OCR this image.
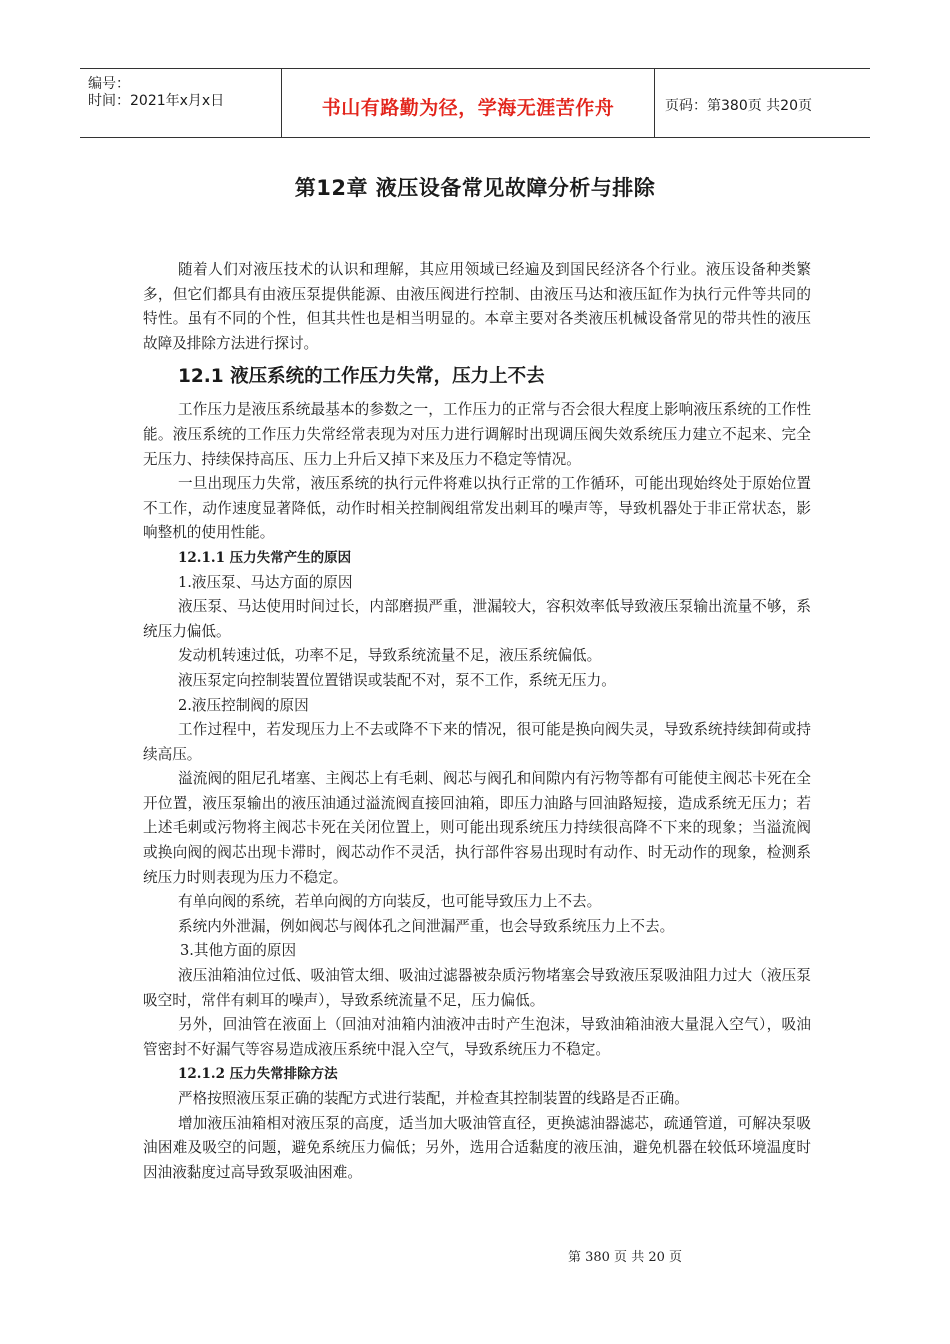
编号：
时间：2021年x月x日	书山有路勤为径，学海无涯苦作舟	页码：第380页 共20页
第12章 液压设备常见故障分析与排除

随着人们对液压技术的认识和理解，其应用领域已经遍及到国民经济各个行业。液压设备种类繁多，但它们都具有由液压泵提供能源、由液压阀进行控制、由液压马达和液压缸作为执行元件等共同的特性。虽有不同的个性，但其共性也是相当明显的。本章主要对各类液压机械设备常见的带共性的液压故障及排除方法进行探讨。

12.1 液压系统的工作压力失常，压力上不去

工作压力是液压系统最基本的参数之一，工作压力的正常与否会很大程度上影响液压系统的工作性能。液压系统的工作压力失常经常表现为对压力进行调解时出现调压阀失效系统压力建立不起来、完全无压力、持续保持高压、压力上升后又掉下来及压力不稳定等情况。

一旦出现压力失常，液压系统的执行元件将难以执行正常的工作循环，可能出现始终处于原始位置不工作，动作速度显著降低，动作时相关控制阀组常发出刺耳的噪声等，导致机器处于非正常状态，影响整机的使用性能。

12.1.1 压力失常产生的原因

1.液压泵、马达方面的原因

液压泵、马达使用时间过长，内部磨损严重，泄漏较大，容积效率低导致液压泵输出流量不够，系统压力偏低。

发动机转速过低，功率不足，导致系统流量不足，液压系统偏低。

液压泵定向控制装置位置错误或装配不对，泵不工作，系统无压力。

2.液压控制阀的原因

工作过程中，若发现压力上不去或降不下来的情况，很可能是换向阀失灵，导致系统持续卸荷或持续高压。

溢流阀的阻尼孔堵塞、主阀芯上有毛刺、阀芯与阀孔和间隙内有污物等都有可能使主阀芯卡死在全开位置，液压泵输出的液压油通过溢流阀直接回油箱，即压力油路与回油路短接，造成系统无压力；若上述毛刺或污物将主阀芯卡死在关闭位置上，则可能出现系统压力持续很高降不下来的现象；当溢流阀或换向阀的阀芯出现卡滞时，阀芯动作不灵活，执行部件容易出现时有动作、时无动作的现象，检测系统压力时则表现为压力不稳定。

有单向阀的系统，若单向阀的方向装反，也可能导致压力上不去。

系统内外泄漏，例如阀芯与阀体孔之间泄漏严重，也会导致系统压力上不去。

3.其他方面的原因

液压油箱油位过低、吸油管太细、吸油过滤器被杂质污物堵塞会导致液压泵吸油阻力过大（液压泵吸空时，常伴有刺耳的噪声），导致系统流量不足，压力偏低。

另外，回油管在液面上（回油对油箱内油液冲击时产生泡沫，导致油箱油液大量混入空气），吸油管密封不好漏气等容易造成液压系统中混入空气，导致系统压力不稳定。

12.1.2 压力失常排除方法

严格按照液压泵正确的装配方式进行装配，并检查其控制装置的线路是否正确。

增加液压油箱相对液压泵的高度，适当加大吸油管直径，更换滤油器滤芯，疏通管道，可解决泵吸油困难及吸空的问题，避免系统压力偏低；另外，选用合适黏度的液压油，避免机器在较低环境温度时因油液黏度过高导致泵吸油困难。

第 380 页 共 20 页
